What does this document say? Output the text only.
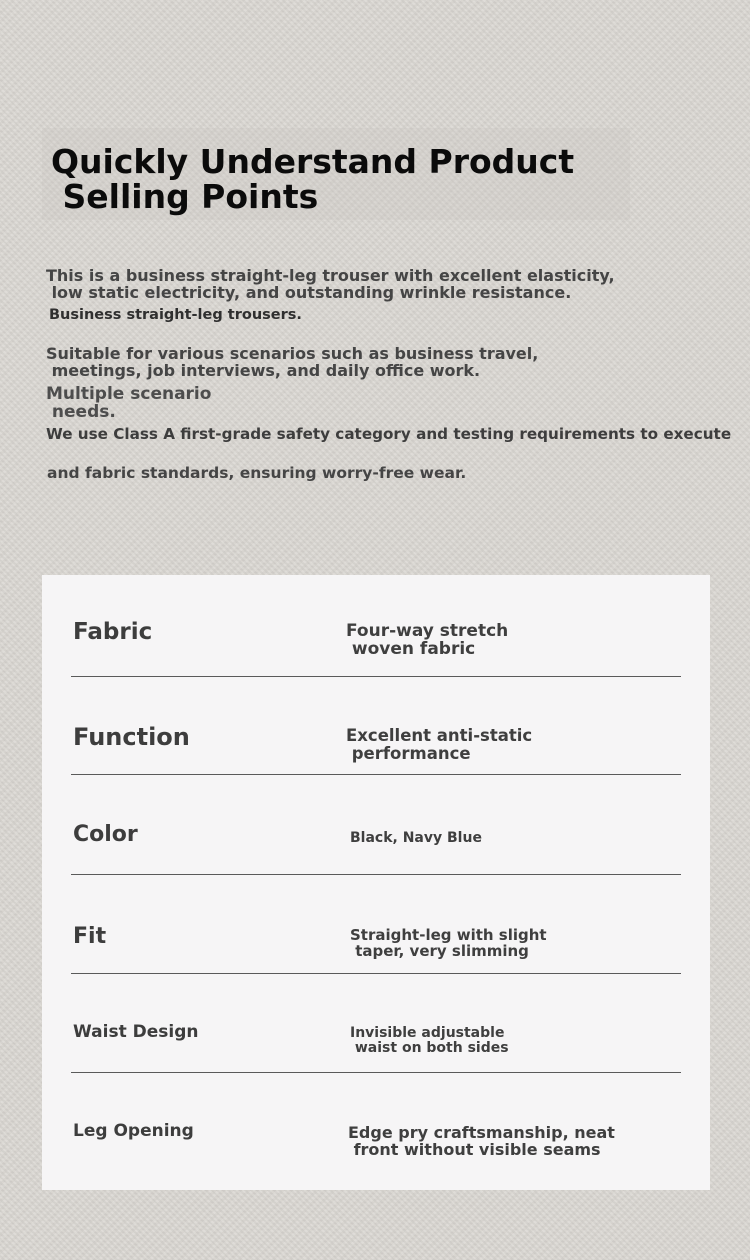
Quickly Understand Product
Selling Points

This is a business straight-leg trouser with excellent elasticity,
low static electricity, and outstanding wrinkle resistance.

Business straight-leg trousers.

Suitable for various scenarios such as business travel,
meetings, job interviews, and daily office work.

Multiple scenario
needs.

We use Class A first-grade safety category and testing requirements to execute

and fabric standards, ensuring worry-free wear.

Fabric	Four-way stretch
woven fabric

Function	Excellent anti-static
performance

Color	Black, Navy Blue

Fit	Straight-leg with slight
taper, very slimming

Waist Design	Invisible adjustable
waist on both sides

Leg Opening	Edge pry craftsmanship, neat
front without visible seams
